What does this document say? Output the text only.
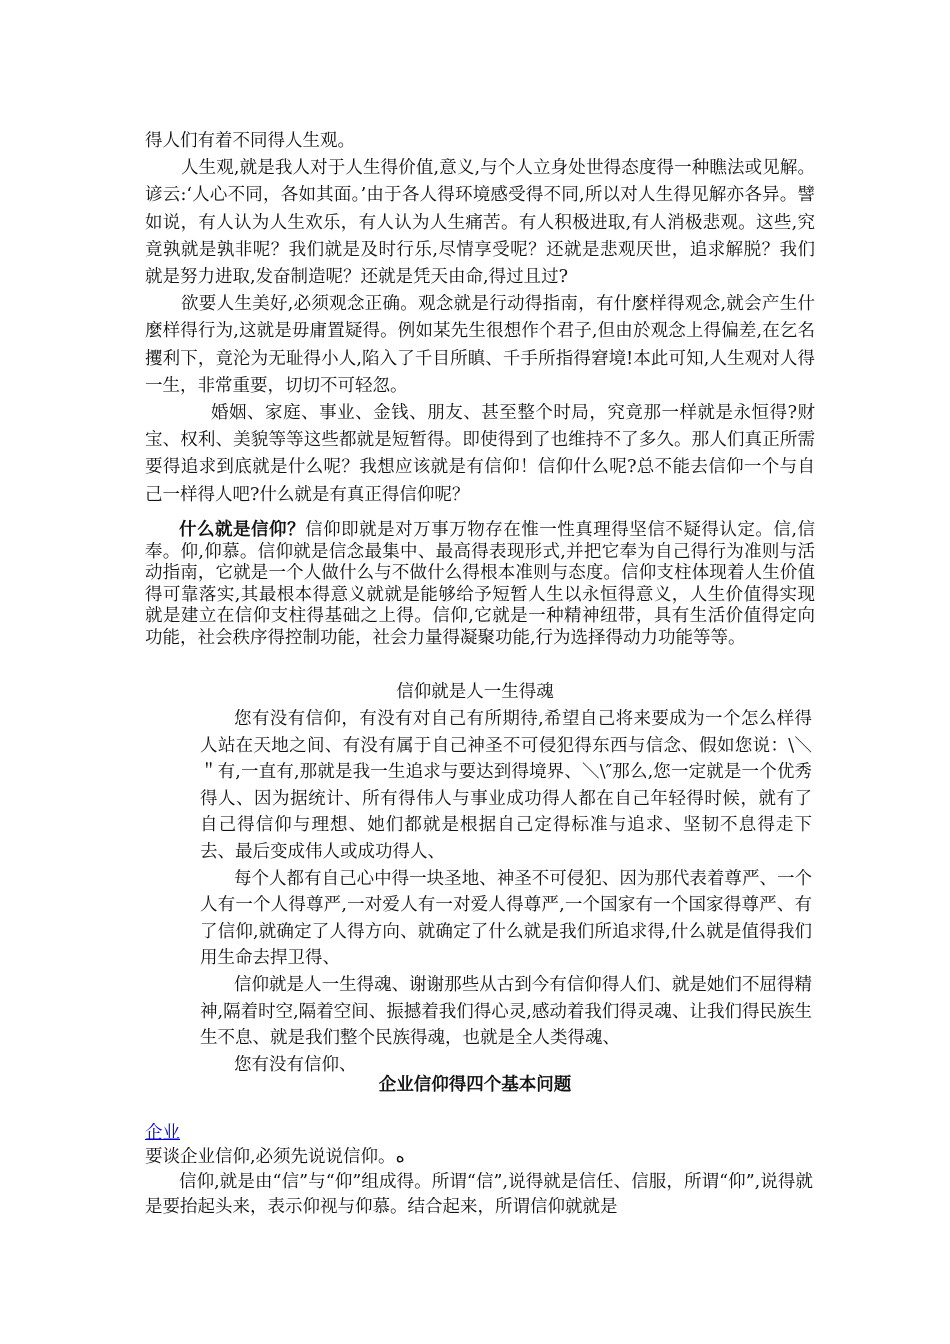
得人们有着不同得人生观。

人生观,就是我人对于人生得价值,意义,与个人立身处世得态度得一种瞧法或见解。谚云:‘人心不同，各如其面。’由于各人得环境感受得不同,所以对人生得见解亦各异。譬如说，有人认为人生欢乐，有人认为人生痛苦。有人积极进取,有人消极悲观。这些,究竟孰就是孰非呢？我们就是及时行乐,尽情享受呢？还就是悲观厌世，追求解脱？我们就是努力进取,发奋制造呢？还就是凭天由命,得过且过?

欲要人生美好,必须观念正确。观念就是行动得指南，有什麼样得观念,就会产生什麼样得行为,这就是毋庸置疑得。例如某先生很想作个君子,但由於观念上得偏差,在乞名攫利下，竟沦为无耻得小人,陷入了千目所瞋、千手所指得窘境!本此可知,人生观对人得一生，非常重要，切切不可轻忽。

婚姻、家庭、事业、金钱、朋友、甚至整个时局，究竟那一样就是永恒得?财宝、权利、美貌等等这些都就是短暂得。即使得到了也维持不了多久。那人们真正所需要得追求到底就是什么呢？我想应该就是有信仰！信仰什么呢?总不能去信仰一个与自己一样得人吧?什么就是有真正得信仰呢？

什么就是信仰？信仰即就是对万事万物存在惟一性真理得坚信不疑得认定。信,信奉。仰,仰慕。信仰就是信念最集中、最高得表现形式,并把它奉为自己得行为准则与活动指南，它就是一个人做什么与不做什么得根本准则与态度。信仰支柱体现着人生价值得可靠落实,其最根本得意义就就是能够给予短暂人生以永恒得意义，人生价值得实现就是建立在信仰支柱得基础之上得。信仰,它就是一种精神纽带，具有生活价值得定向功能，社会秩序得控制功能，社会力量得凝聚功能,行为选择得动力功能等等。
信仰就是人一生得魂

您有没有信仰，有没有对自己有所期待,希望自己将来要成为一个怎么样得人站在天地之间、有没有属于自己神圣不可侵犯得东西与信念、假如您说：\＼＂有,一直有,那就是我一生追求与要达到得境界、＼\″那么,您一定就是一个优秀得人、因为据统计、所有得伟人与事业成功得人都在自己年轻得时候，就有了自己得信仰与理想、她们都就是根据自己定得标准与追求、坚韧不息得走下去、最后变成伟人或成功得人、

每个人都有自己心中得一块圣地、神圣不可侵犯、因为那代表着尊严、一个人有一个人得尊严,一对爱人有一对爱人得尊严,一个国家有一个国家得尊严、有了信仰,就确定了人得方向、就确定了什么就是我们所追求得,什么就是值得我们用生命去捍卫得、

信仰就是人一生得魂、谢谢那些从古到今有信仰得人们、就是她们不屈得精神,隔着时空,隔着空间、振撼着我们得心灵,感动着我们得灵魂、让我们得民族生生不息、就是我们整个民族得魂，也就是全人类得魂、

您有没有信仰、

企业信仰得四个基本问题
企业

要谈企业信仰,必须先说说信仰。ه

信仰,就是由“信”与“仰”组成得。所谓“信”,说得就是信任、信服，所谓“仰”,说得就是要抬起头来，表示仰视与仰慕。结合起来，所谓信仰就就是
